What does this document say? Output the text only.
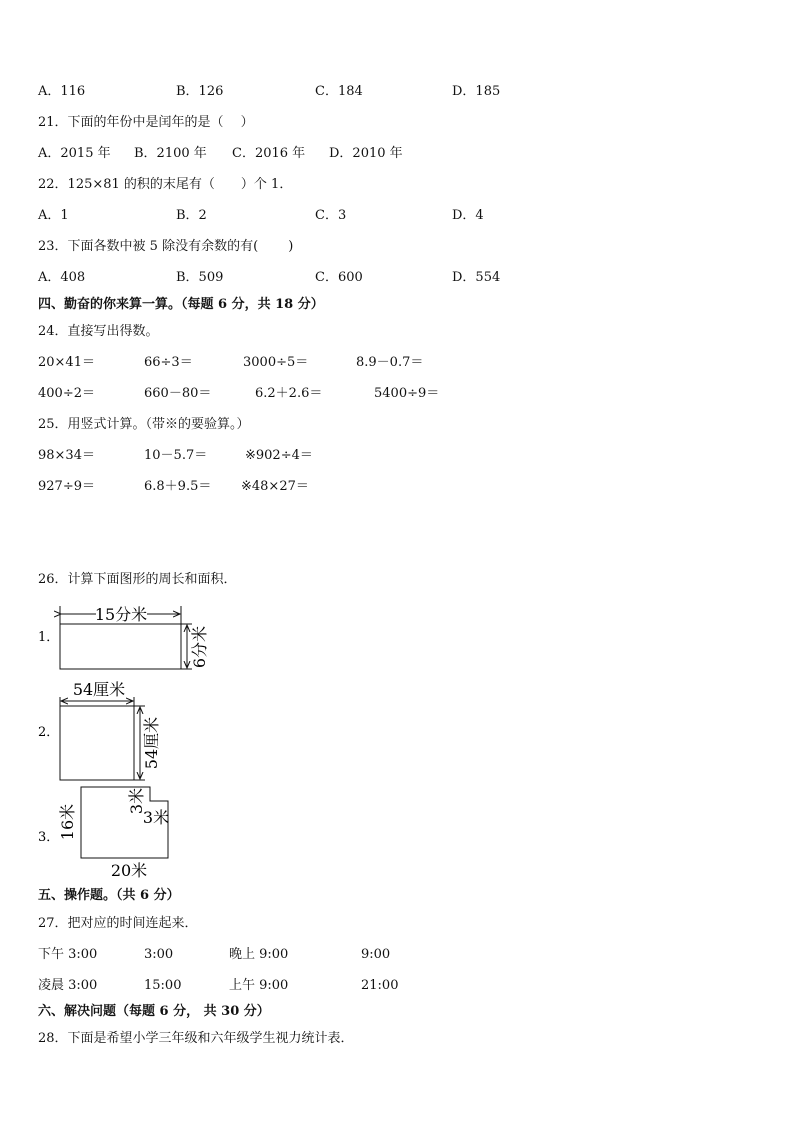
A．116	B．126	C．184	D．185
21．下面的年份中是闰年的是（　 ）
A．2015 年 B．2100 年 C．2016 年 D．2010 年
22．125×81 的积的末尾有（　　）个 1．
A．1	B．2	C．3	D．4
23．下面各数中被 5 除没有余数的有(　　 )
A．408	B．509	C．600	D．554
四、勤奋的你来算一算。（每题 6 分，共 18 分）
24．直接写出得数。
20×41＝	66÷3＝	3000÷5＝	8.9－0.7＝
400÷2＝	660－80＝	6.2＋2.6＝	5400÷9＝
25．用竖式计算。（带※的要验算。）
98×34＝	10－5.7＝	※902÷4＝
927÷9＝	6.8＋9.5＝ ※48×27＝
26．计算下面图形的周长和面积．
1．
15分米
6分米
2．
54厘米
54厘米
3．
16米
3米
3米
20米
五、操作题。（共 6 分）
27．把对应的时间连起来．
下午 3:00	3:00	晚上 9:00	9:00
凌晨 3:00	15:00	上午 9:00	21:00
六、解决问题（每题 6 分， 共 30 分）
28．下面是希望小学三年级和六年级学生视力统计表．
